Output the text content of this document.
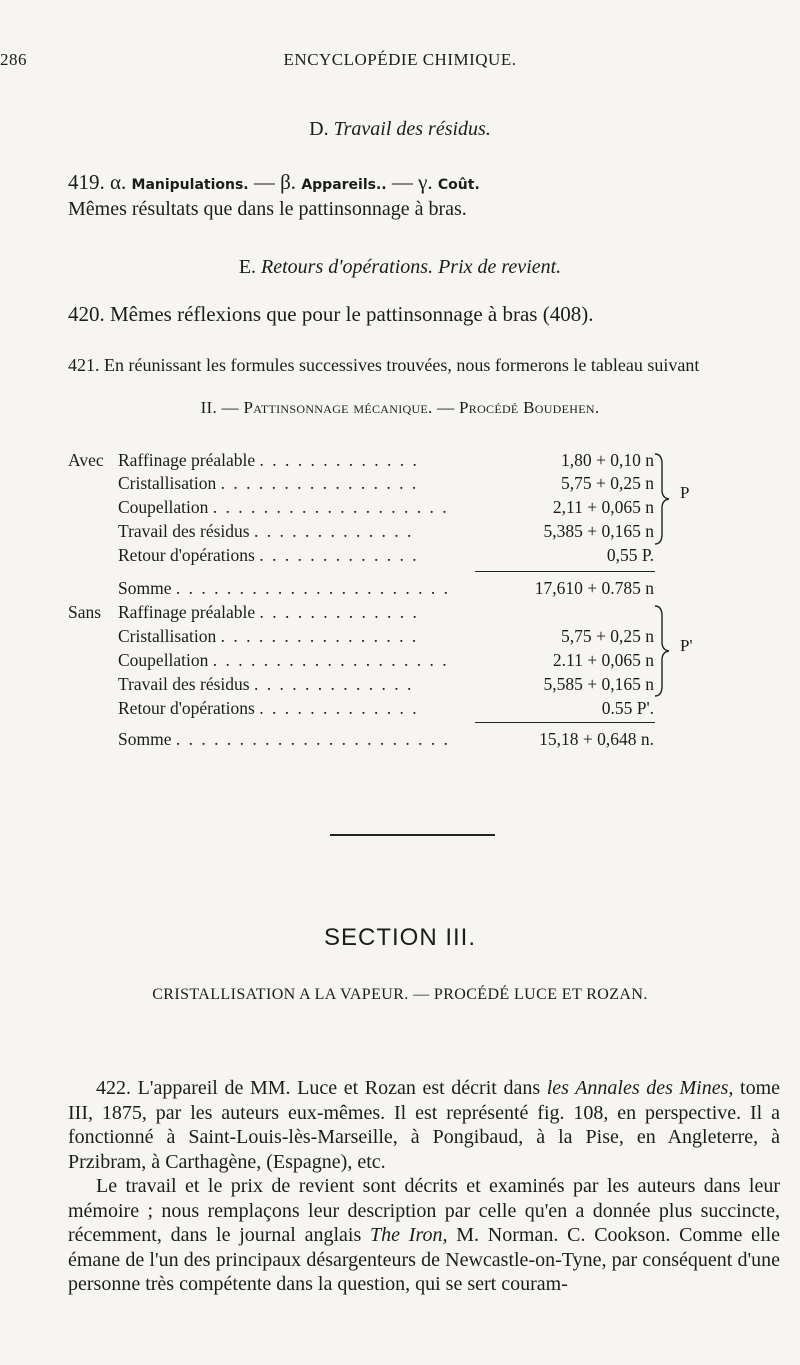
286	ENCYCLOPÉDIE CHIMIQUE.
D. Travail des résidus.
419. α. Manipulations. — β. Appareils.. — γ. Coût.
Mêmes résultats que dans le pattinsonnage à bras.
E. Retours d'opérations. Prix de revient.
420. Mêmes réflexions que pour le pattinsonnage à bras (408).
421. En réunissant les formules successives trouvées, nous formerons le tableau suivant
II. — Pattinsonnage mécanique. — Procédé Boudehen.
Avec Raffinage préalable . . . . . . . . . . . . .	1,80 + 0,10 n
Cristallisation . . . . . . . . . . . . . . . .	5,75 + 0,25 n
Coupellation . . . . . . . . . . . . . . . . . . .	2,11 + 0,065 n
Travail des résidus . . . . . . . . . . . . .	5,385 + 0,165 n
Retour d'opérations . . . . . . . . . . . . .	0,55 P.
P
Somme . . . . . . . . . . . . . . . . . . . . . .	17,610 + 0.785 n
Sans Raffinage préalable . . . . . . . . . . . . .
Cristallisation . . . . . . . . . . . . . . . .	5,75 + 0,25 n
Coupellation . . . . . . . . . . . . . . . . . . .	2.11 + 0,065 n
Travail des résidus . . . . . . . . . . . . .	5,585 + 0,165 n
Retour d'opérations . . . . . . . . . . . . .	0.55 P'.
P'
Somme . . . . . . . . . . . . . . . . . . . . . .	15,18 + 0,648 n.
SECTION III.
CRISTALLISATION A LA VAPEUR. — PROCÉDÉ LUCE ET ROZAN.
422. L'appareil de MM. Luce et Rozan est décrit dans les Annales des Mines, tome III, 1875, par les auteurs eux-mêmes. Il est représenté fig. 108, en perspective. Il a fonctionné à Saint-Louis-lès-Marseille, à Pongibaud, à la Pise, en Angleterre, à Przibram, à Carthagène, (Espagne), etc.
Le travail et le prix de revient sont décrits et examinés par les auteurs dans leur mémoire ; nous remplaçons leur description par celle qu'en a donnée plus succincte, récemment, dans le journal anglais The Iron, M. Norman. C. Cookson. Comme elle émane de l'un des principaux désargenteurs de Newcastle-on-Tyne, par conséquent d'une personne très compétente dans la question, qui se sert couram-
